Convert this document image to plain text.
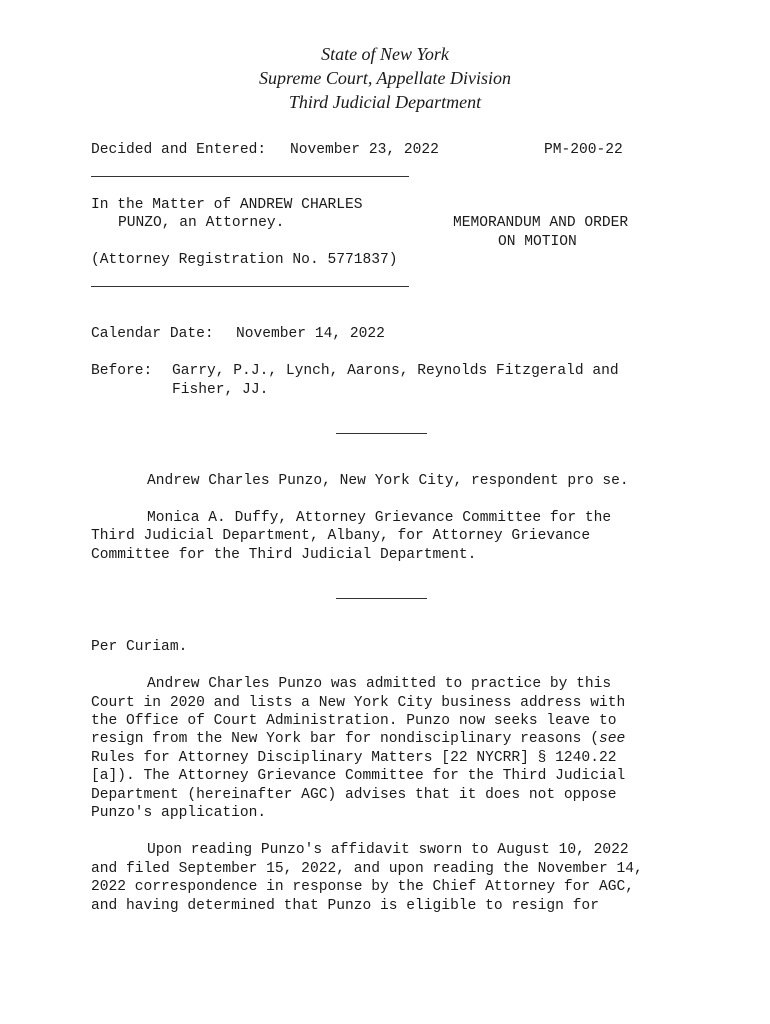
State of New York
Supreme Court, Appellate Division
Third Judicial Department
Decided and Entered: November 23, 2022	PM-200-22
In the Matter of ANDREW CHARLES
PUNZO, an Attorney.	MEMORANDUM AND ORDER
ON MOTION
(Attorney Registration No. 5771837)
Calendar Date: November 14, 2022
Before: Garry, P.J., Lynch, Aarons, Reynolds Fitzgerald and
Fisher, JJ.
Andrew Charles Punzo, New York City, respondent pro se.
Monica A. Duffy, Attorney Grievance Committee for the
Third Judicial Department, Albany, for Attorney Grievance
Committee for the Third Judicial Department.
Per Curiam.
Andrew Charles Punzo was admitted to practice by this
Court in 2020 and lists a New York City business address with
the Office of Court Administration. Punzo now seeks leave to
resign from the New York bar for nondisciplinary reasons (see
Rules for Attorney Disciplinary Matters [22 NYCRR] § 1240.22
[a]). The Attorney Grievance Committee for the Third Judicial
Department (hereinafter AGC) advises that it does not oppose
Punzo's application.
Upon reading Punzo's affidavit sworn to August 10, 2022
and filed September 15, 2022, and upon reading the November 14,
2022 correspondence in response by the Chief Attorney for AGC,
and having determined that Punzo is eligible to resign for
